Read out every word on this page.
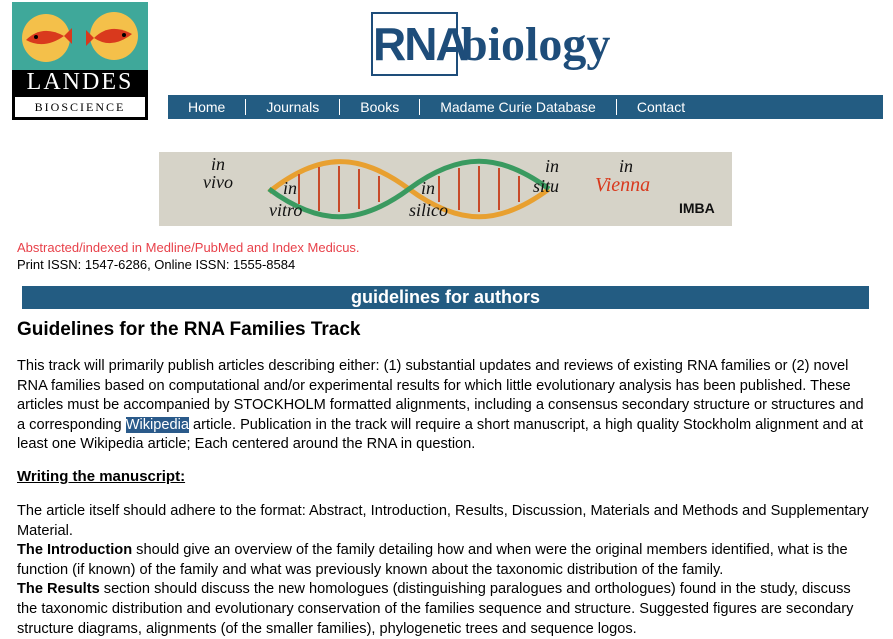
LANDES
BIOSCIENCE
RNA
biology
Home	Journals	Books	Madame Curie Database	Contact
in
vivo	in
vitro
in
silico
in
situ
in
Vienna
IMBA
Abstracted/indexed in Medline/PubMed and Index Medicus.
Print ISSN: 1547-6286, Online ISSN: 1555-8584
guidelines for authors
Guidelines for the RNA Families Track
This track will primarily publish articles describing either: (1) substantial updates and reviews of existing RNA families or (2) novel RNA families based on computational and/or experimental results for which little evolutionary analysis has been published. These articles must be accompanied by STOCKHOLM formatted alignments, including a consensus secondary structure or structures and a corresponding Wikipedia article. Publication in the track will require a short manuscript, a high quality Stockholm alignment and at least one Wikipedia article; Each centered around the RNA in question.
Writing the manuscript:
The article itself should adhere to the format: Abstract, Introduction, Results, Discussion, Materials and Methods and Supplementary Material.
The Introduction should give an overview of the family detailing how and when were the original members identified, what is the function (if known) of the family and what was previously known about the taxonomic distribution of the family.
The Results section should discuss the new homologues (distinguishing paralogues and orthologues) found in the study, discuss the taxonomic distribution and evolutionary conservation of the families sequence and structure. Suggested figures are secondary structure diagrams, alignments (of the smaller families), phylogenetic trees and sequence logos.
